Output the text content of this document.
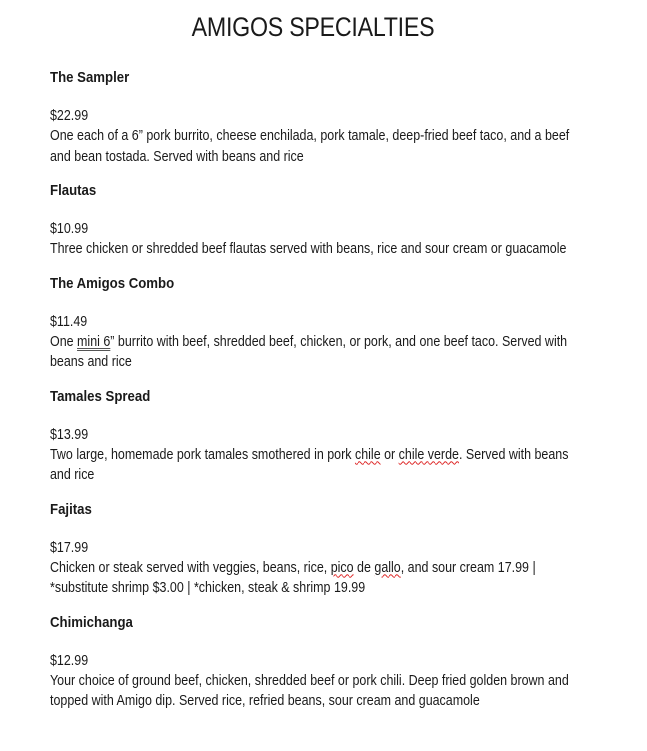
AMIGOS SPECIALTIES
The Sampler
$22.99
One each of a 6” pork burrito, cheese enchilada, pork tamale, deep-fried beef taco, and a beef and bean tostada. Served with beans and rice
Flautas
$10.99
Three chicken or shredded beef flautas served with beans, rice and sour cream or guacamole
The Amigos Combo
$11.49
One mini 6” burrito with beef, shredded beef, chicken, or pork, and one beef taco. Served with beans and rice
Tamales Spread
$13.99
Two large, homemade pork tamales smothered in pork chile or chile verde. Served with beans and rice
Fajitas
$17.99
Chicken or steak served with veggies, beans, rice, pico de gallo, and sour cream 17.99 | *substitute shrimp $3.00 | *chicken, steak & shrimp 19.99
Chimichanga
$12.99
Your choice of ground beef, chicken, shredded beef or pork chili. Deep fried golden brown and topped with Amigo dip. Served rice, refried beans, sour cream and guacamole
